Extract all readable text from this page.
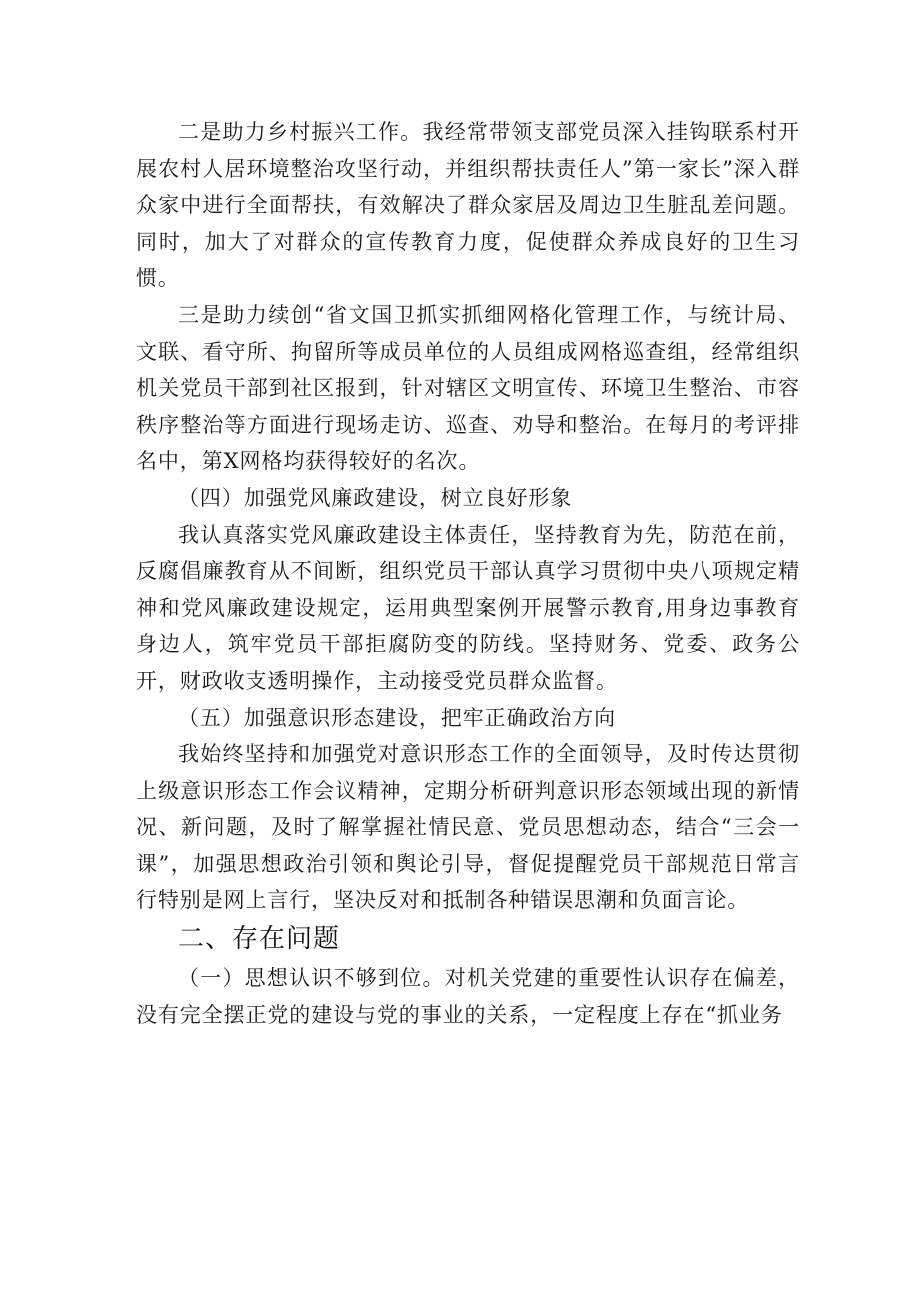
二是助力乡村振兴工作。我经常带领支部党员深入挂钩联系村开展农村人居环境整治攻坚行动，并组织帮扶责任人”第一家长”深入群众家中进行全面帮扶，有效解决了群众家居及周边卫生脏乱差问题。同时，加大了对群众的宣传教育力度，促使群众养成良好的卫生习惯。

三是助力续创“省文国卫抓实抓细网格化管理工作，与统计局、文联、看守所、拘留所等成员单位的人员组成网格巡查组，经常组织机关党员干部到社区报到，针对辖区文明宣传、环境卫生整治、市容秩序整治等方面进行现场走访、巡查、劝导和整治。在每月的考评排名中，第X网格均获得较好的名次。

（四）加强党风廉政建设，树立良好形象

我认真落实党风廉政建设主体责任，坚持教育为先，防范在前，反腐倡廉教育从不间断，组织党员干部认真学习贯彻中央八项规定精神和党风廉政建设规定，运用典型案例开展警示教育,用身边事教育身边人，筑牢党员干部拒腐防变的防线。坚持财务、党委、政务公开，财政收支透明操作，主动接受党员群众监督。

（五）加强意识形态建设，把牢正确政治方向

我始终坚持和加强党对意识形态工作的全面领导，及时传达贯彻上级意识形态工作会议精神，定期分析研判意识形态领域出现的新情况、新问题，及时了解掌握社情民意、党员思想动态，结合“三会一课”，加强思想政治引领和舆论引导，督促提醒党员干部规范日常言行特别是网上言行，坚决反对和抵制各种错误思潮和负面言论。

二、存在问题

（一）思想认识不够到位。对机关党建的重要性认识存在偏差，没有完全摆正党的建设与党的事业的关系，一定程度上存在“抓业务
